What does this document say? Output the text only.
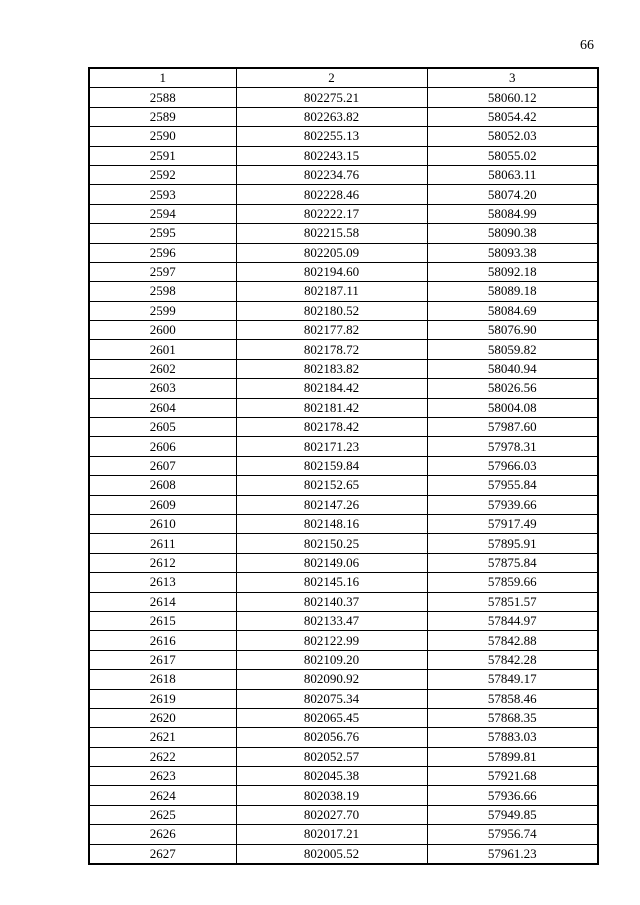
66
1	2	3
2588	802275.21	58060.12
2589	802263.82	58054.42
2590	802255.13	58052.03
2591	802243.15	58055.02
2592	802234.76	58063.11
2593	802228.46	58074.20
2594	802222.17	58084.99
2595	802215.58	58090.38
2596	802205.09	58093.38
2597	802194.60	58092.18
2598	802187.11	58089.18
2599	802180.52	58084.69
2600	802177.82	58076.90
2601	802178.72	58059.82
2602	802183.82	58040.94
2603	802184.42	58026.56
2604	802181.42	58004.08
2605	802178.42	57987.60
2606	802171.23	57978.31
2607	802159.84	57966.03
2608	802152.65	57955.84
2609	802147.26	57939.66
2610	802148.16	57917.49
2611	802150.25	57895.91
2612	802149.06	57875.84
2613	802145.16	57859.66
2614	802140.37	57851.57
2615	802133.47	57844.97
2616	802122.99	57842.88
2617	802109.20	57842.28
2618	802090.92	57849.17
2619	802075.34	57858.46
2620	802065.45	57868.35
2621	802056.76	57883.03
2622	802052.57	57899.81
2623	802045.38	57921.68
2624	802038.19	57936.66
2625	802027.70	57949.85
2626	802017.21	57956.74
2627	802005.52	57961.23
